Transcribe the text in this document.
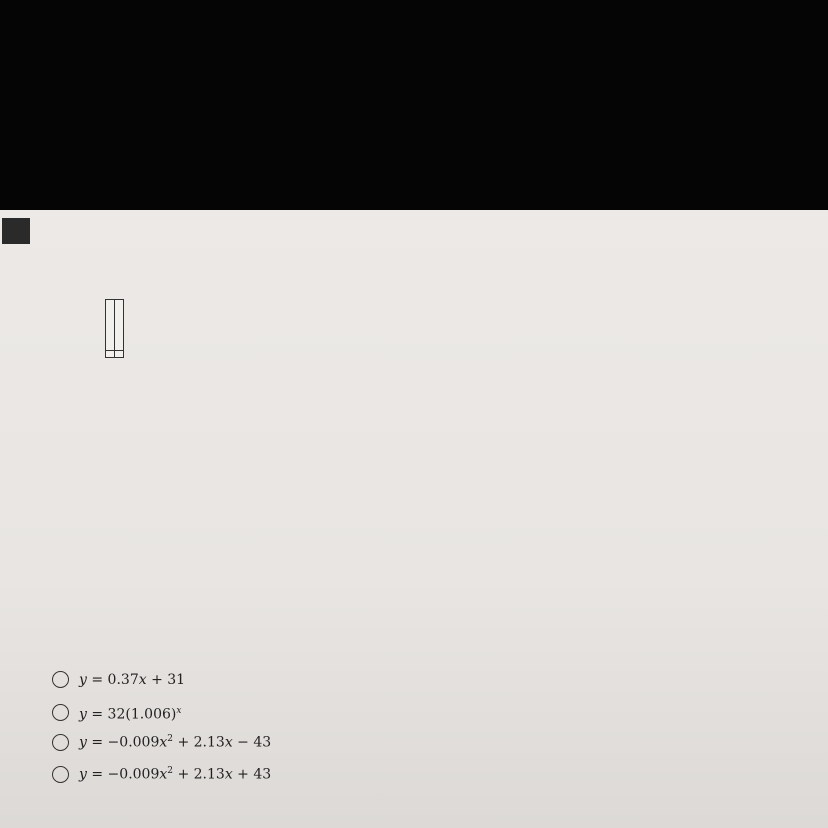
y = 0.37x + 31
$y = 32(1.006)^x$
$y = -0.009x^2 + 2.13x - 43$
$y = -0.009x^2 + 2.13x + 43$
